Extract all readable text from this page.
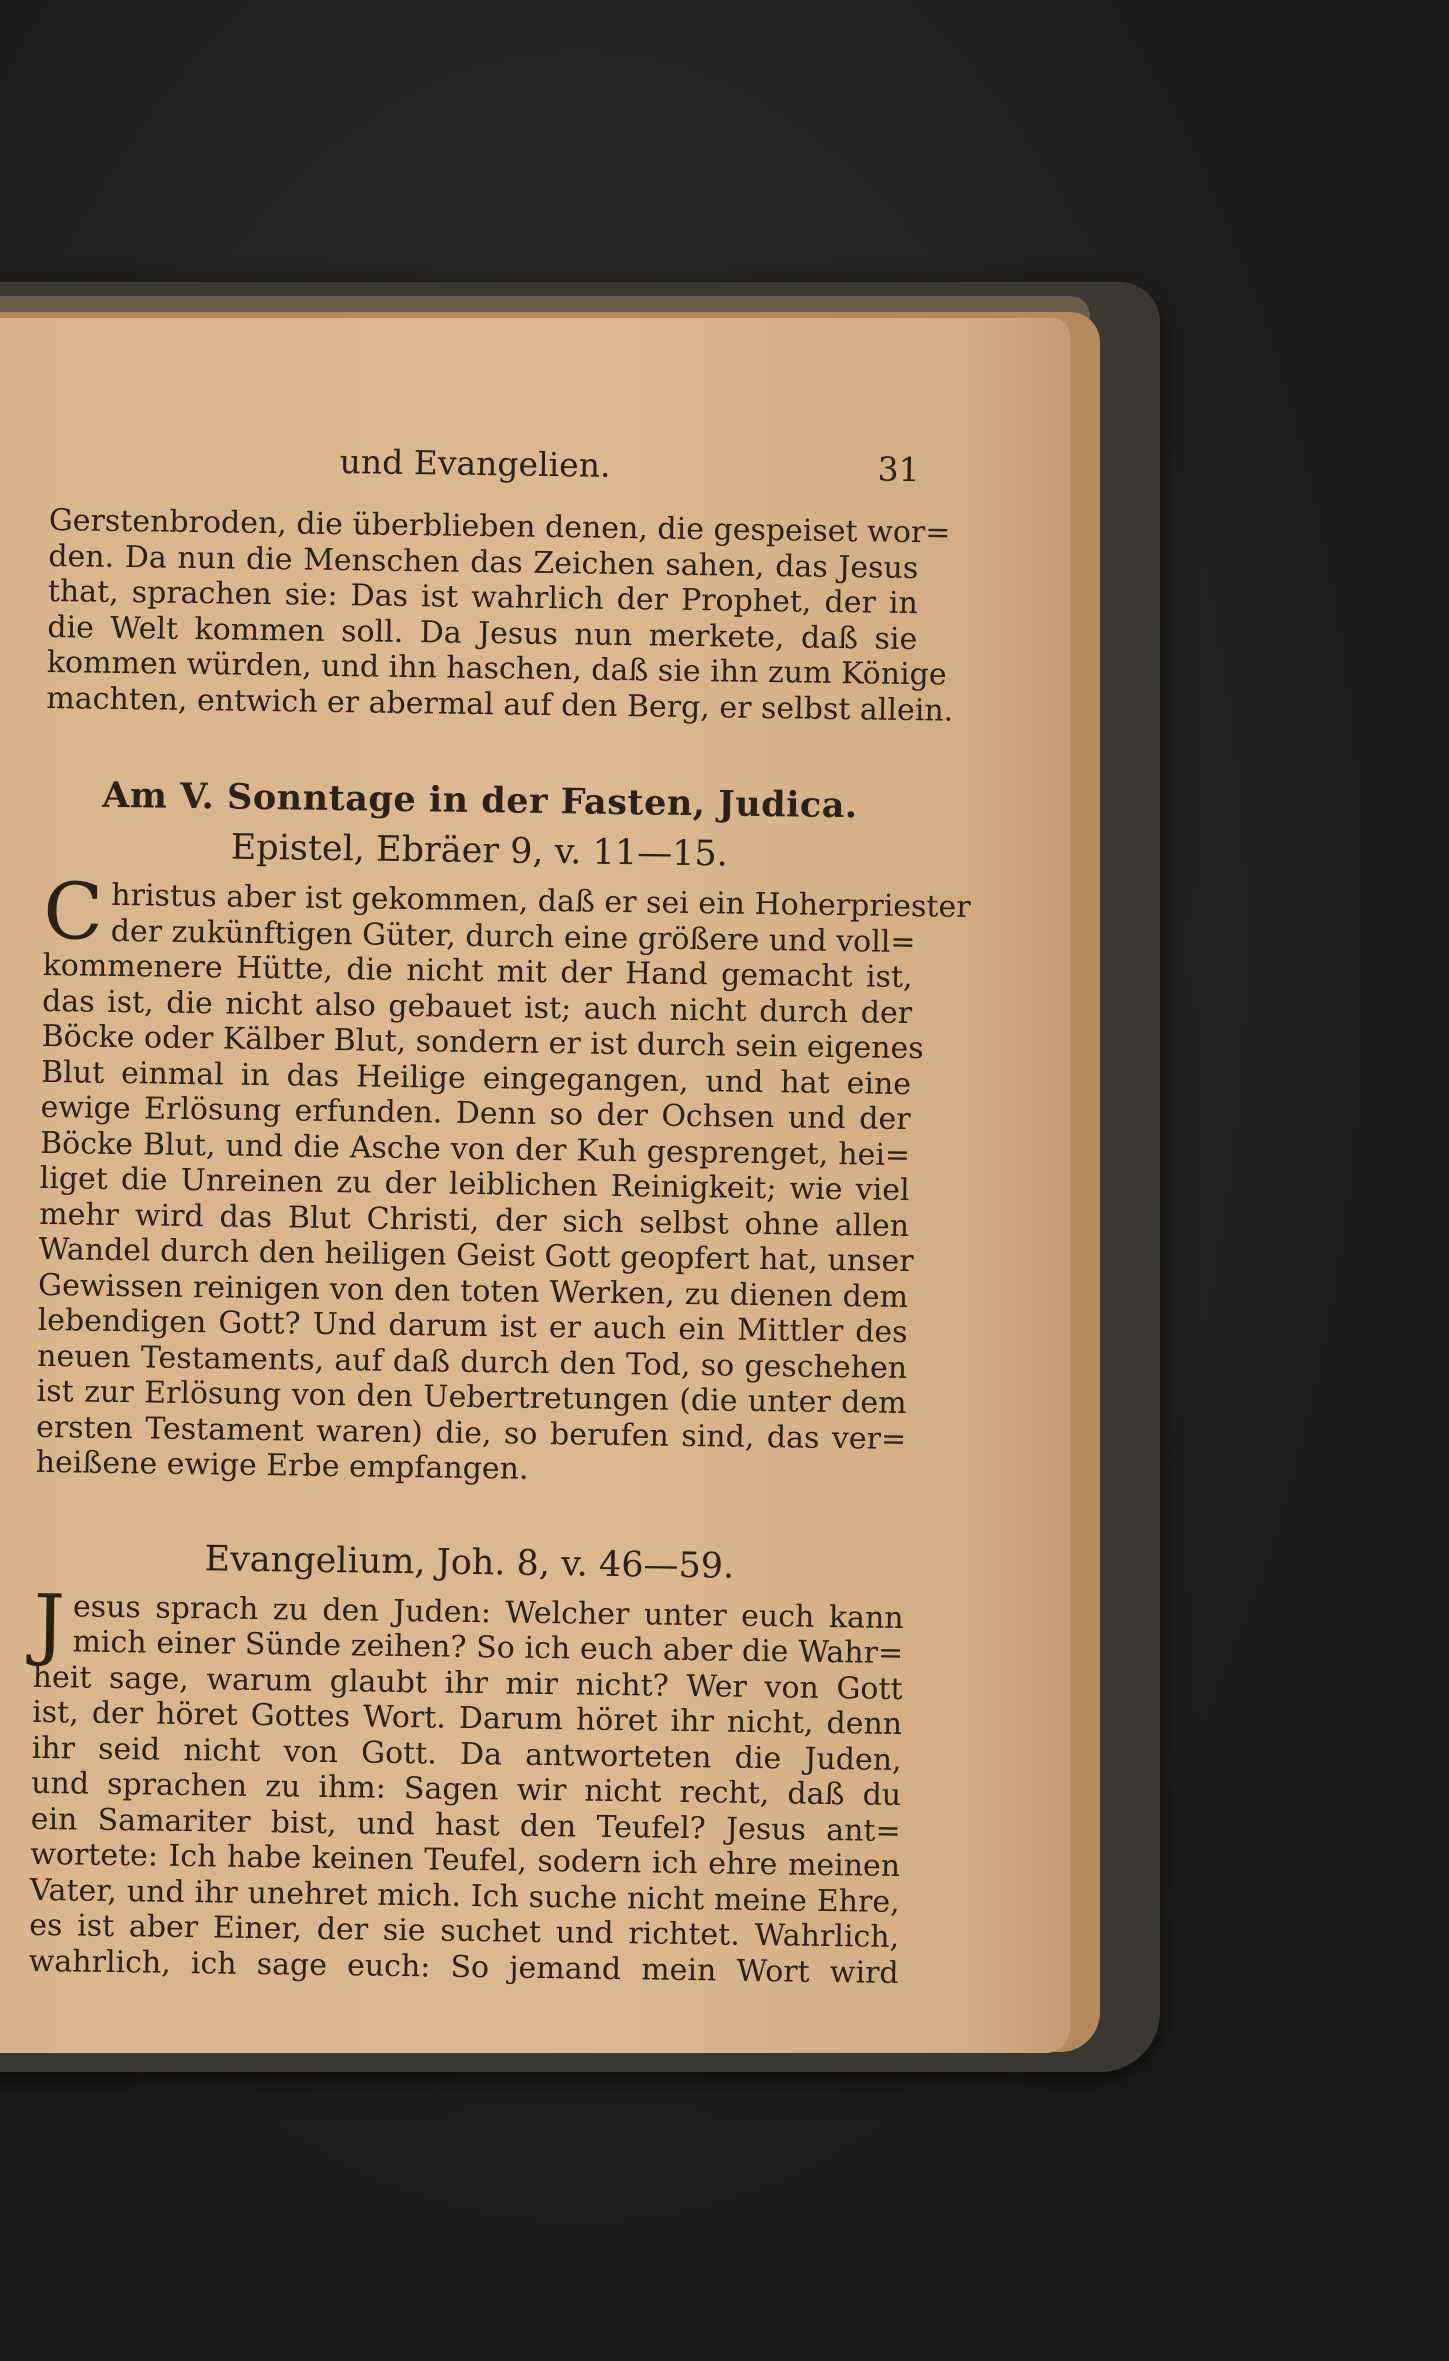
und Evangelien.	31

Gerstenbroden, die überblieben denen, die gespeiset wor=
den. Da nun die Menschen das Zeichen sahen, das Jesus
that, sprachen sie: Das ist wahrlich der Prophet, der in
die Welt kommen soll. Da Jesus nun merkete, daß sie
kommen würden, und ihn haschen, daß sie ihn zum Könige
machten, entwich er abermal auf den Berg, er selbst allein.

Am V. Sonntage in der Fasten, Judica.
Epistel, Ebräer 9, v. 11—15.

C hristus aber ist gekommen, daß er sei ein Hoherpriester
der zukünftigen Güter, durch eine größere und voll=
kommenere Hütte, die nicht mit der Hand gemacht ist,
das ist, die nicht also gebauet ist; auch nicht durch der
Böcke oder Kälber Blut, sondern er ist durch sein eigenes
Blut einmal in das Heilige eingegangen, und hat eine
ewige Erlösung erfunden. Denn so der Ochsen und der
Böcke Blut, und die Asche von der Kuh gesprenget, hei=
liget die Unreinen zu der leiblichen Reinigkeit; wie viel
mehr wird das Blut Christi, der sich selbst ohne allen
Wandel durch den heiligen Geist Gott geopfert hat, unser
Gewissen reinigen von den toten Werken, zu dienen dem
lebendigen Gott? Und darum ist er auch ein Mittler des
neuen Testaments, auf daß durch den Tod, so geschehen
ist zur Erlösung von den Uebertretungen (die unter dem
ersten Testament waren) die, so berufen sind, das ver=
heißene ewige Erbe empfangen.

Evangelium, Joh. 8, v. 46—59.

J esus sprach zu den Juden: Welcher unter euch kann
mich einer Sünde zeihen? So ich euch aber die Wahr=
heit sage, warum glaubt ihr mir nicht? Wer von Gott
ist, der höret Gottes Wort. Darum höret ihr nicht, denn
ihr seid nicht von Gott. Da antworteten die Juden,
und sprachen zu ihm: Sagen wir nicht recht, daß du
ein Samariter bist, und hast den Teufel? Jesus ant=
wortete: Ich habe keinen Teufel, sodern ich ehre meinen
Vater, und ihr unehret mich. Ich suche nicht meine Ehre,
es ist aber Einer, der sie suchet und richtet. Wahrlich,
wahrlich, ich sage euch: So jemand mein Wort wird
